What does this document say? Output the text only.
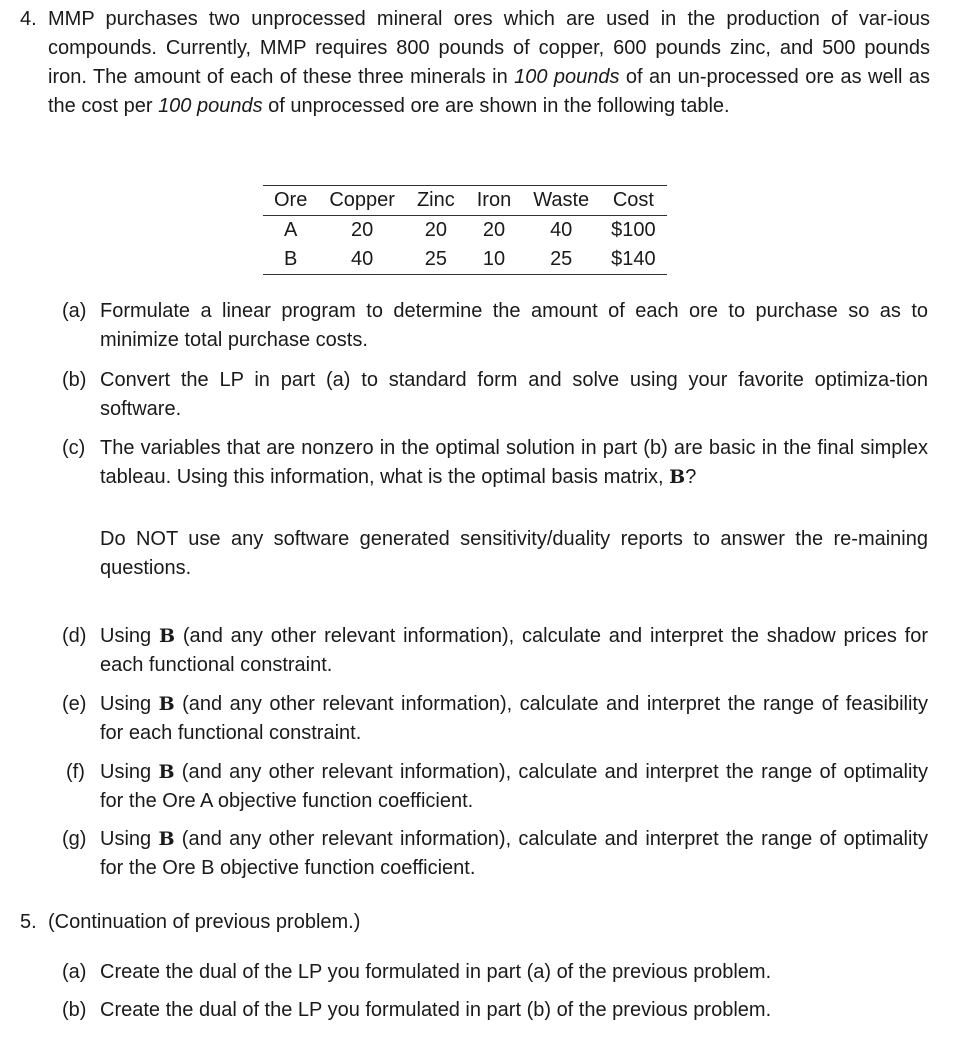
4. MMP purchases two unprocessed mineral ores which are used in the production of var-ious compounds. Currently, MMP requires 800 pounds of copper, 600 pounds zinc, and 500 pounds iron. The amount of each of these three minerals in 100 pounds of an un-processed ore as well as the cost per 100 pounds of unprocessed ore are shown in the following table.
Ore	Copper	Zinc	Iron	Waste	Cost
A	20	20	20	40	$100
B	40	25	10	25	$140
(a) Formulate a linear program to determine the amount of each ore to purchase so as to minimize total purchase costs.
(b) Convert the LP in part (a) to standard form and solve using your favorite optimiza-tion software.
(c) The variables that are nonzero in the optimal solution in part (b) are basic in the final simplex tableau. Using this information, what is the optimal basis matrix, B?
Do NOT use any software generated sensitivity/duality reports to answer the re-maining questions.
(d) Using B (and any other relevant information), calculate and interpret the shadow prices for each functional constraint.
(e) Using B (and any other relevant information), calculate and interpret the range of feasibility for each functional constraint.
(f) Using B (and any other relevant information), calculate and interpret the range of optimality for the Ore A objective function coefficient.
(g) Using B (and any other relevant information), calculate and interpret the range of optimality for the Ore B objective function coefficient.
5. (Continuation of previous problem.)
(a) Create the dual of the LP you formulated in part (a) of the previous problem.
(b) Create the dual of the LP you formulated in part (b) of the previous problem.
